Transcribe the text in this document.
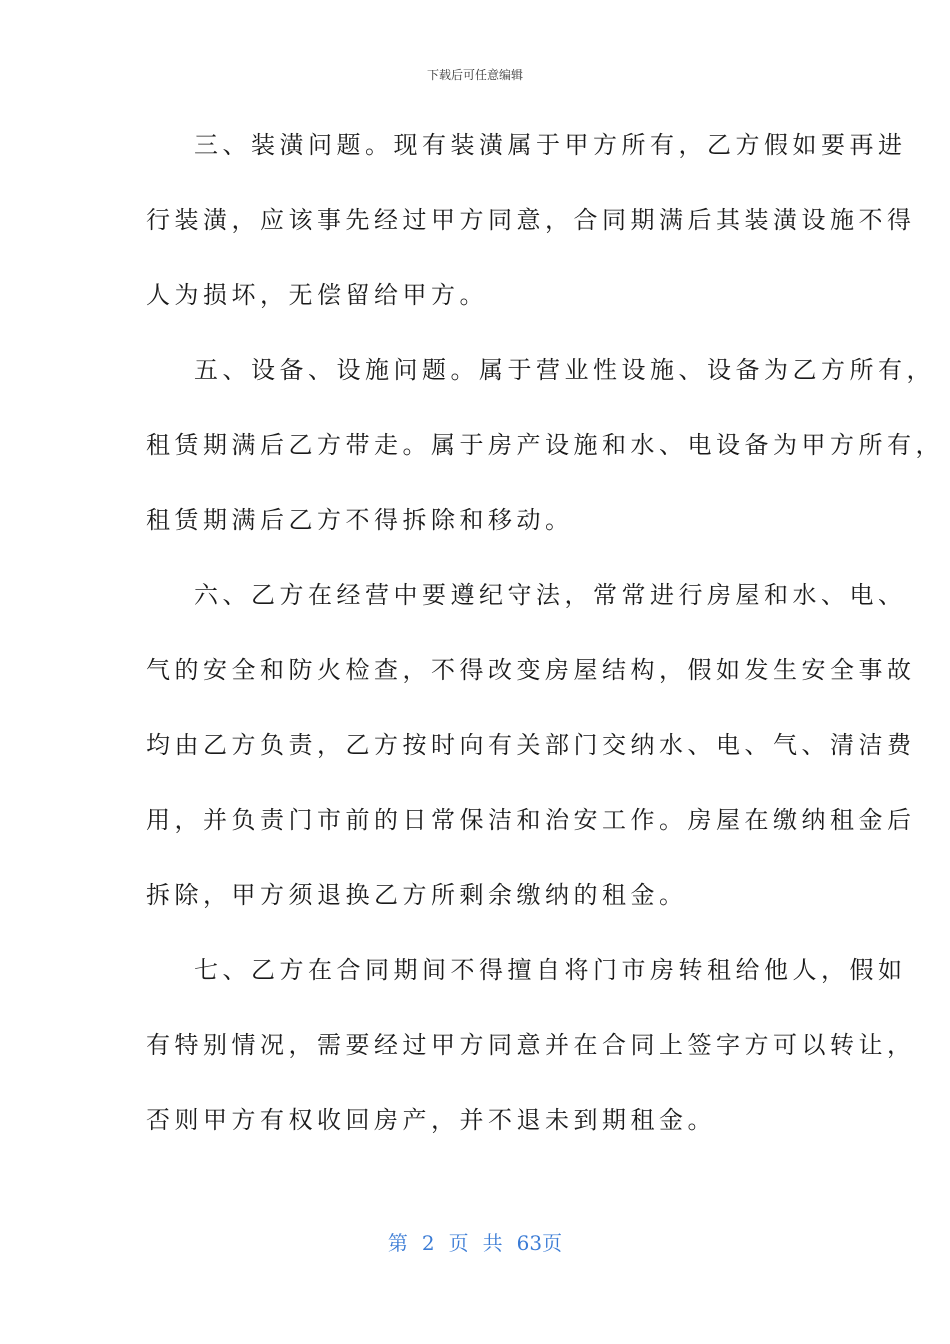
下载后可任意编辑
三、装潢问题。现有装潢属于甲方所有，乙方假如要再进
行装潢，应该事先经过甲方同意，合同期满后其装潢设施不得
人为损坏，无偿留给甲方。
五、设备、设施问题。属于营业性设施、设备为乙方所有，
租赁期满后乙方带走。属于房产设施和水、电设备为甲方所有，
租赁期满后乙方不得拆除和移动。
六、乙方在经营中要遵纪守法，常常进行房屋和水、电、
气的安全和防火检查，不得改变房屋结构，假如发生安全事故
均由乙方负责，乙方按时向有关部门交纳水、电、气、清洁费
用，并负责门市前的日常保洁和治安工作。房屋在缴纳租金后
拆除，甲方须退换乙方所剩余缴纳的租金。
七、乙方在合同期间不得擅自将门市房转租给他人，假如
有特别情况，需要经过甲方同意并在合同上签字方可以转让，
否则甲方有权收回房产，并不退未到期租金。
第 2 页 共 63页
